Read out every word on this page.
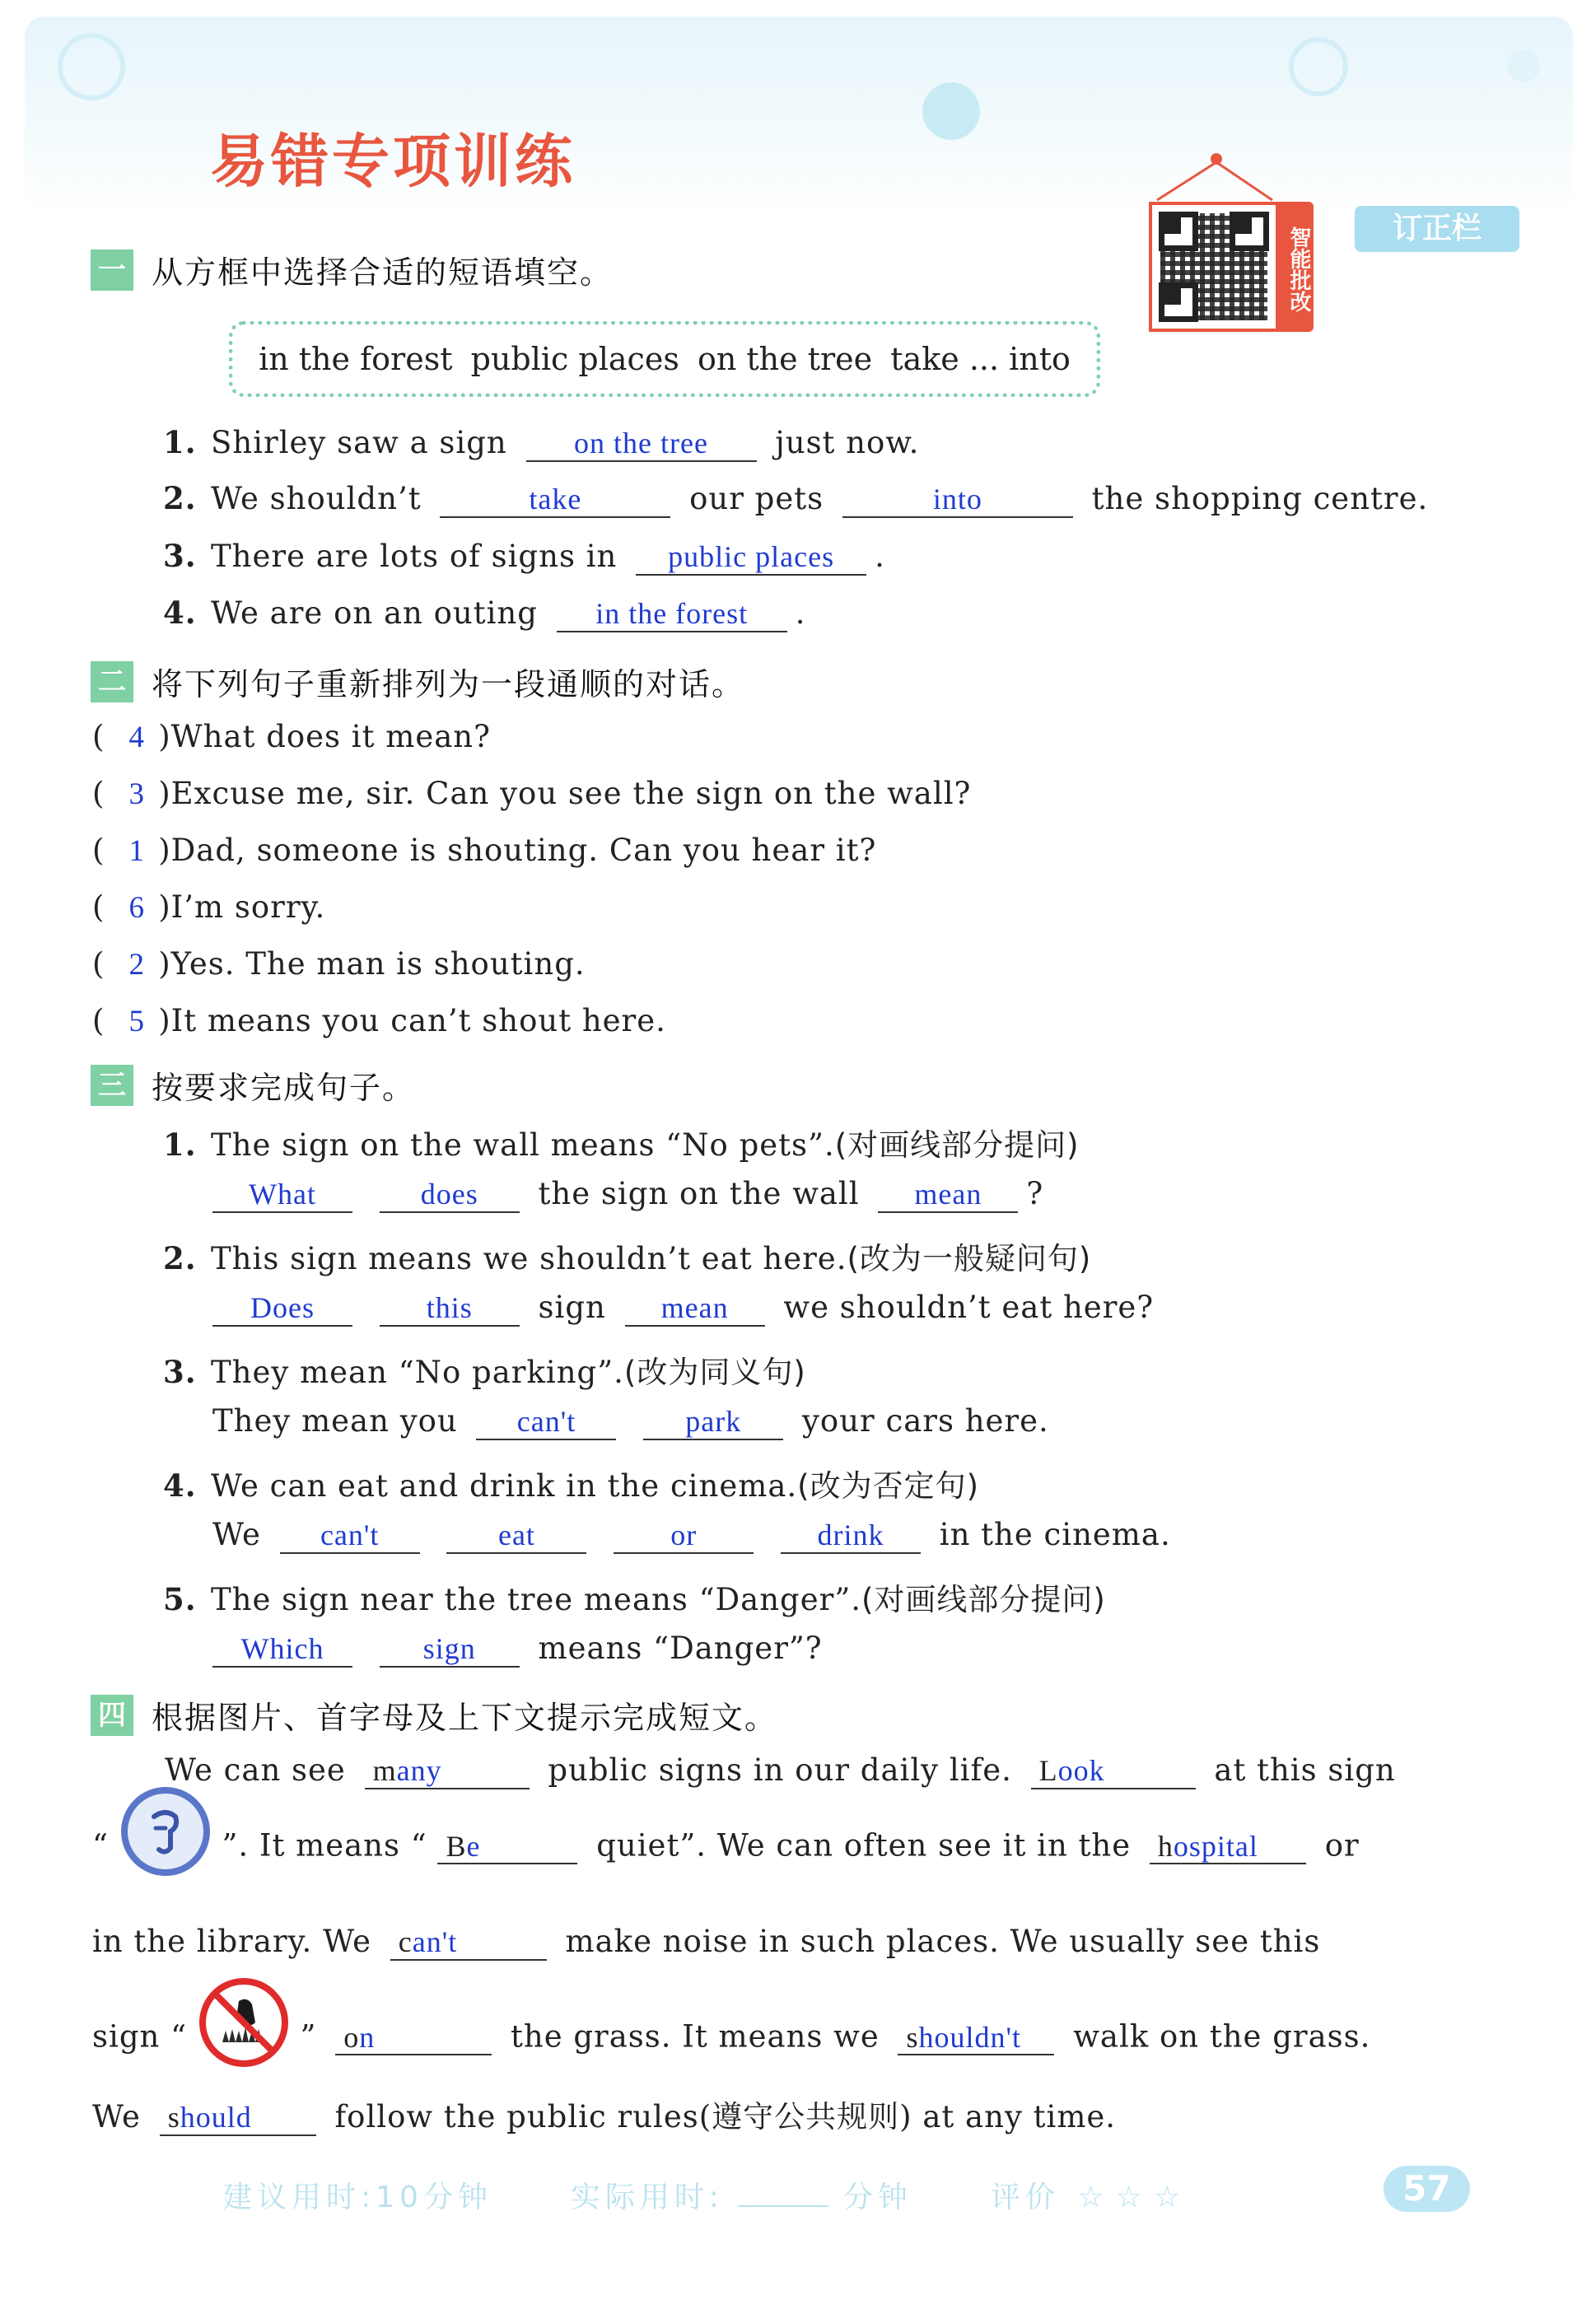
易错专项训练
智能批改	订正栏
一 从方框中选择合适的短语填空。
in the forest public places on the tree take ... into
1. Shirley saw a sign on the tree just now.
2. We shouldn’t	take	our pets	into	the shopping centre.
3. There are lots of signs in public places .
4. We are on an outing in the forest .
二 将下列句子重新排列为一段通顺的对话。
( 4 )What does it mean?
( 3 )Excuse me, sir. Can you see the sign on the wall?
( 1 )Dad, someone is shouting. Can you hear it?
( 6 )I’m sorry.
( 2 )Yes. The man is shouting.
( 5 )It means you can’t shout here.
三 按要求完成句子。
1. The sign on the wall means “No pets”.(对画线部分提问)
What	does the sign on the wall mean ?
2. This sign means we shouldn’t eat here.(改为一般疑问句)
Does	this sign mean we shouldn’t eat here?
3. They mean “No parking”.(改为同义句)
They mean you can't	park your cars here.
4. We can eat and drink in the cinema.(改为否定句)
We can't	eat	or	drink in the cinema.
5. The sign near the tree means “Danger”.(对画线部分提问)
Which	sign means “Danger”?
四 根据图片、首字母及上下文提示完成短文。
We can see many	public signs in our daily life. Look	at this sign
“	”. It means “ Be	quiet”. We can often see it in the hospital or
in the library. We can't	make noise in such places. We usually see this
sign “	” on	the grass. It means we shouldn't walk on the grass.
We should	follow the public rules(遵守公共规则) at any time.
建议用时:10分钟	实际用时:	分钟	评价 ☆ ☆ ☆	57
